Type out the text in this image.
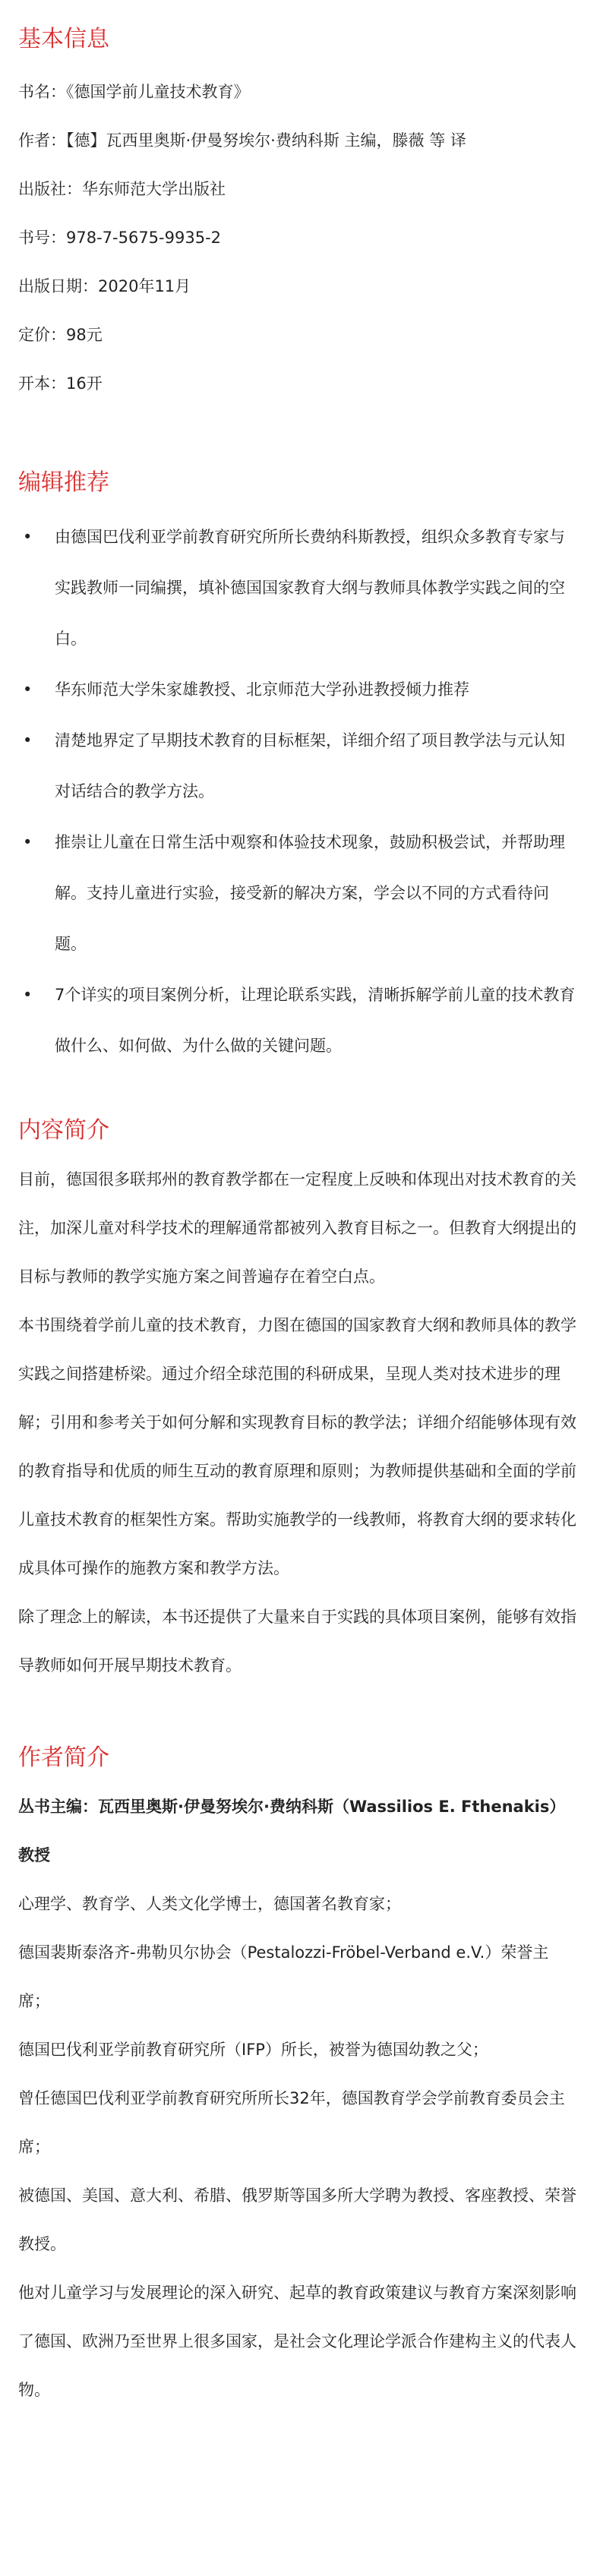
基本信息

书名：《德国学前儿童技术教育》

作者：【德】瓦西里奥斯·伊曼努埃尔·费纳科斯 主编，滕薇 等 译

出版社：华东师范大学出版社

书号：978-7-5675-9935-2

出版日期：2020年11月

定价：98元

开本：16开

编辑推荐
• 由德国巴伐利亚学前教育研究所所长费纳科斯教授，组织众多教育专家与实践教师一同编撰，填补德国国家教育大纲与教师具体教学实践之间的空白。
• 华东师范大学朱家雄教授、北京师范大学孙进教授倾力推荐
• 清楚地界定了早期技术教育的目标框架，详细介绍了项目教学法与元认知对话结合的教学方法。
• 推崇让儿童在日常生活中观察和体验技术现象，鼓励积极尝试，并帮助理解。支持儿童进行实验，接受新的解决方案，学会以不同的方式看待问题。
• 7个详实的项目案例分析，让理论联系实践，清晰拆解学前儿童的技术教育做什么、如何做、为什么做的关键问题。
内容简介

目前，德国很多联邦州的教育教学都在一定程度上反映和体现出对技术教育的关注，加深儿童对科学技术的理解通常都被列入教育目标之一。但教育大纲提出的目标与教师的教学实施方案之间普遍存在着空白点。

本书围绕着学前儿童的技术教育，力图在德国的国家教育大纲和教师具体的教学实践之间搭建桥梁。通过介绍全球范围的科研成果，呈现人类对技术进步的理解；引用和参考关于如何分解和实现教育目标的教学法；详细介绍能够体现有效的教育指导和优质的师生互动的教育原理和原则；为教师提供基础和全面的学前儿童技术教育的框架性方案。帮助实施教学的一线教师，将教育大纲的要求转化成具体可操作的施教方案和教学方法。

除了理念上的解读，本书还提供了大量来自于实践的具体项目案例，能够有效指导教师如何开展早期技术教育。

作者简介

丛书主编：瓦西里奥斯·伊曼努埃尔·费纳科斯（Wassilios E. Fthenakis）教授

心理学、教育学、人类文化学博士，德国著名教育家；

德国裴斯泰洛齐-弗勒贝尔协会（Pestalozzi-Fröbel-Verband e.V.）荣誉主席；

德国巴伐利亚学前教育研究所（IFP）所长，被誉为德国幼教之父；

曾任德国巴伐利亚学前教育研究所所长32年，德国教育学会学前教育委员会主席；

被德国、美国、意大利、希腊、俄罗斯等国多所大学聘为教授、客座教授、荣誉教授。

他对儿童学习与发展理论的深入研究、起草的教育政策建议与教育方案深刻影响了德国、欧洲乃至世界上很多国家，是社会文化理论学派合作建构主义的代表人物。
